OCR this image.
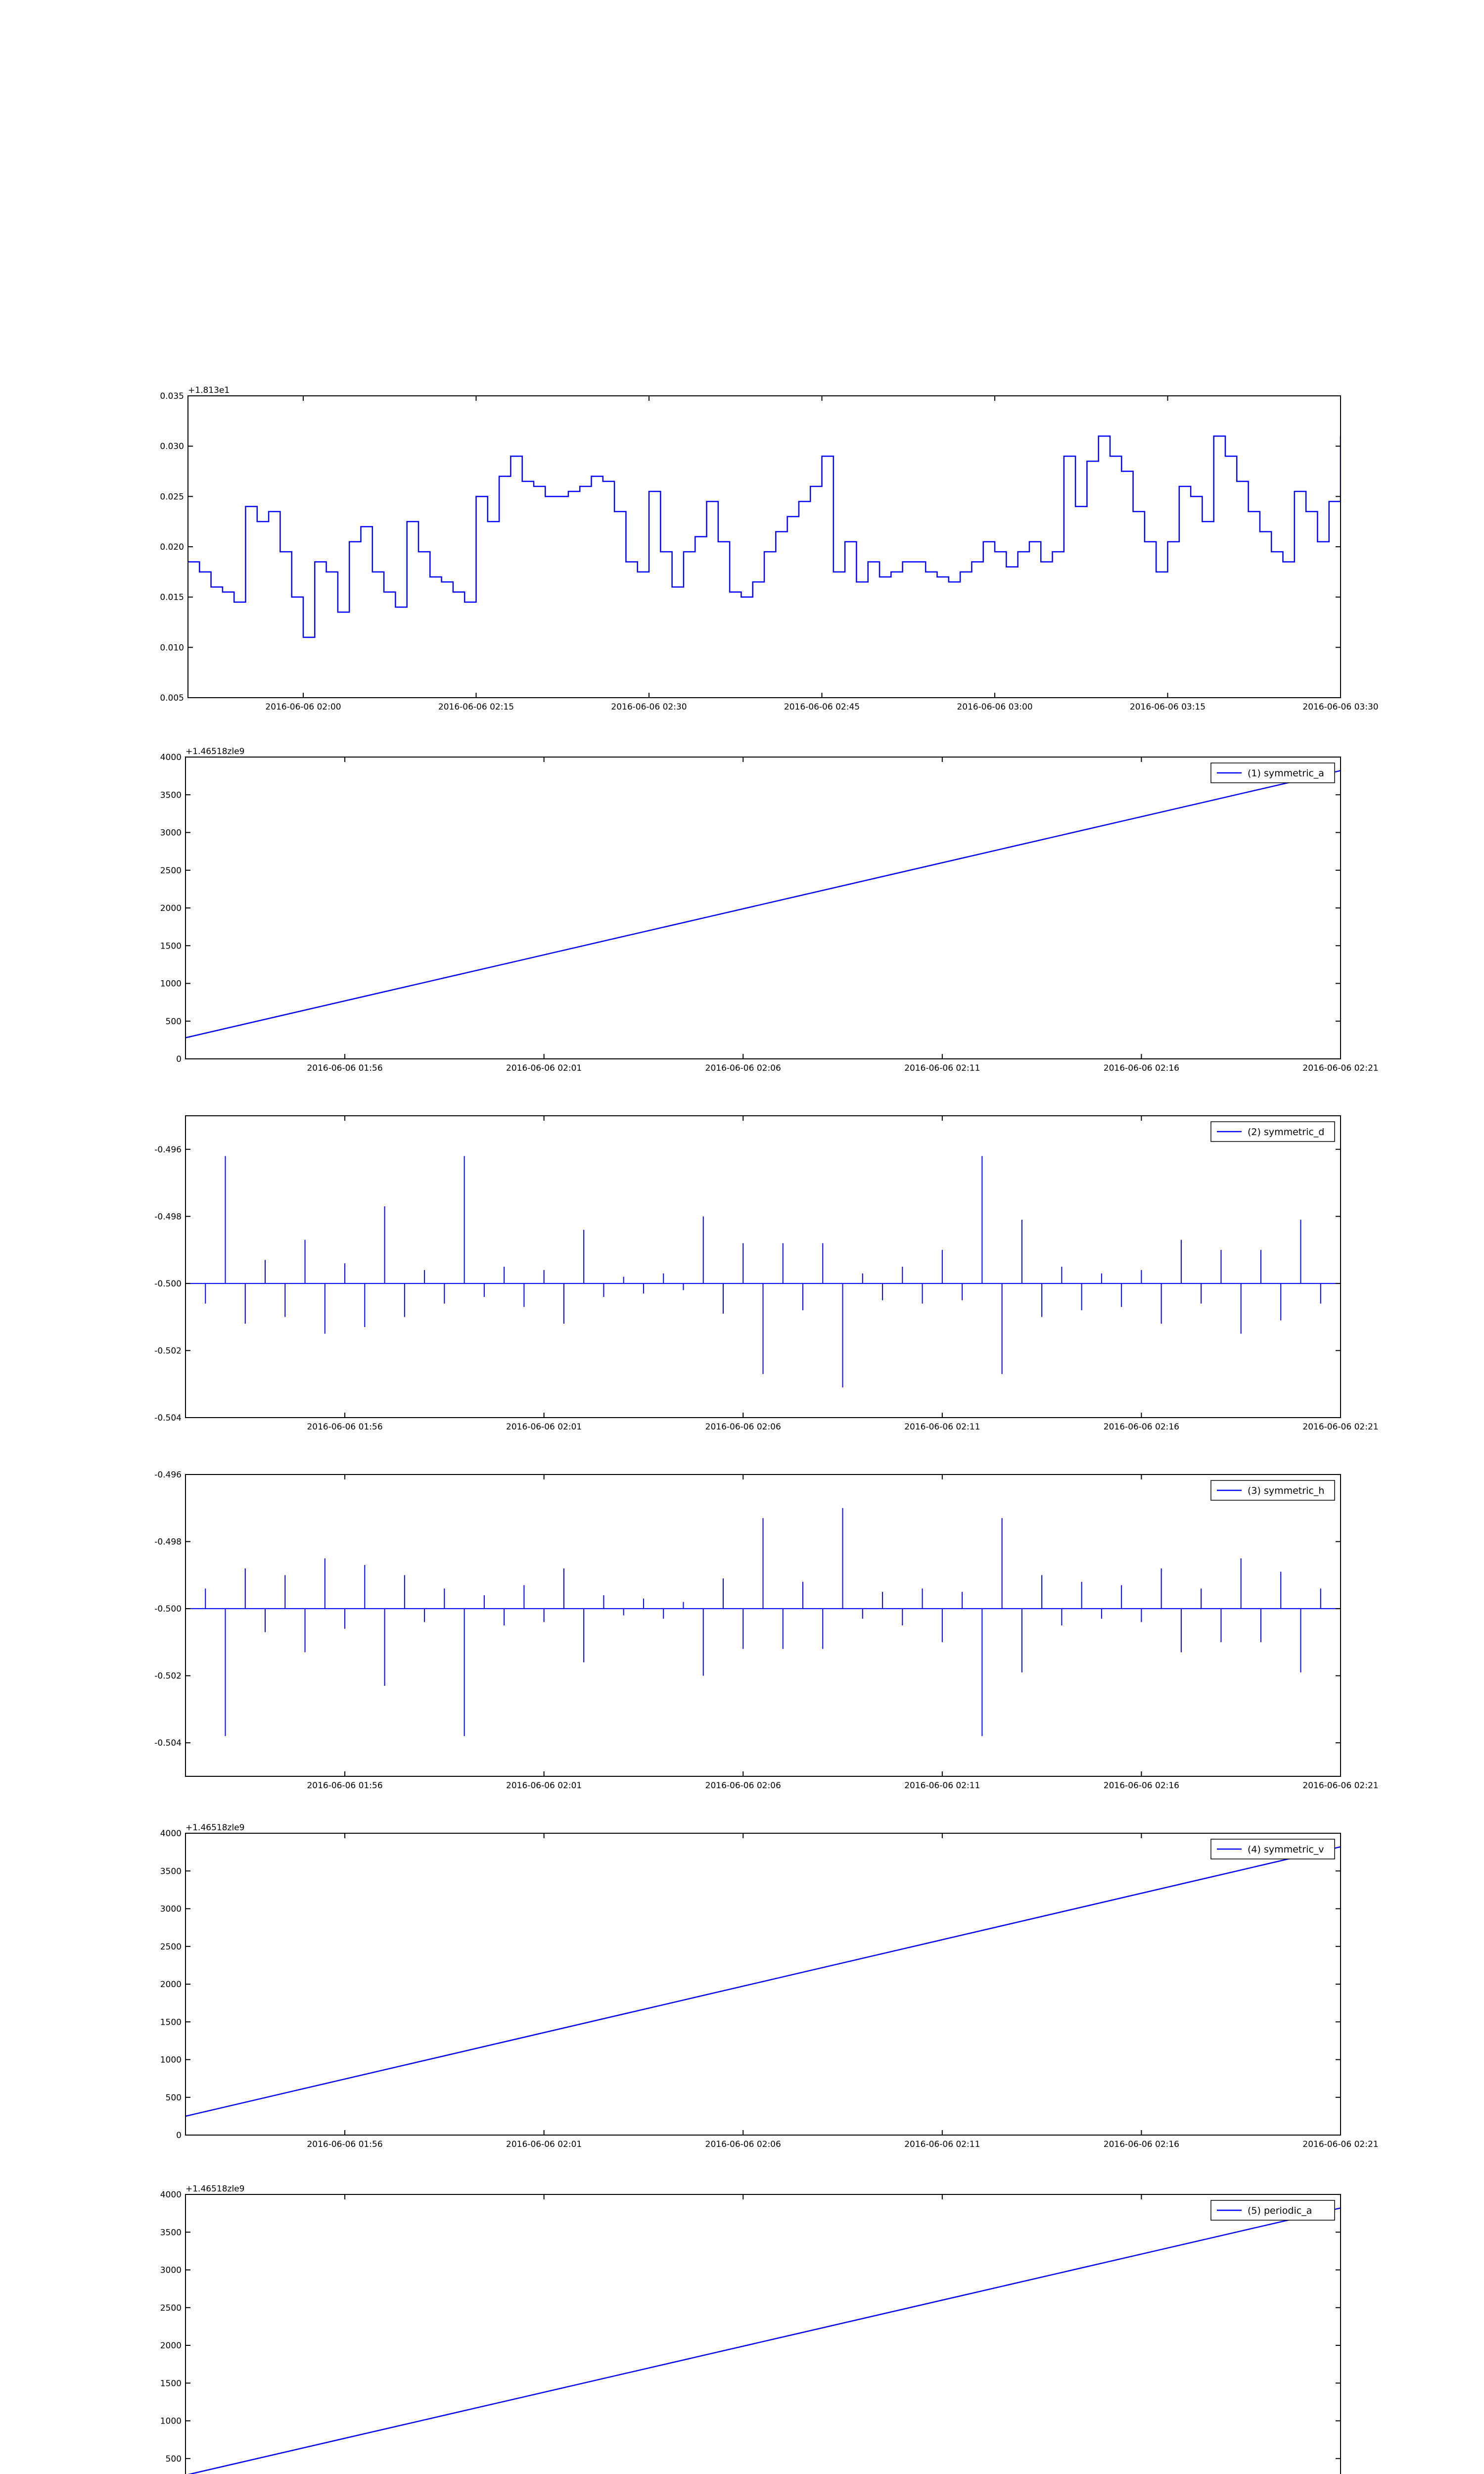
0.005
0.010
0.015
0.020
0.025
0.030
0.035
2016-06-06 02:00	2016-06-06 02:15	2016-06-06 02:30	2016-06-06 02:45	2016-06-06 03:00	2016-06-06 03:15	2016-06-06 03:30
+1.813e1
0
500
1000
1500
2000
2500
3000
3500
4000
2016-06-06 01:56	2016-06-06 02:01	2016-06-06 02:06	2016-06-06 02:11	2016-06-06 02:16	2016-06-06 02:21
+1.46518zle9
(1) symmetric_a
-0.504
-0.502
-0.500
-0.498
-0.496
2016-06-06 01:56	2016-06-06 02:01	2016-06-06 02:06	2016-06-06 02:11	2016-06-06 02:16	2016-06-06 02:21
(2) symmetric_d
-0.504
-0.502
-0.500
-0.498
-0.496
2016-06-06 01:56	2016-06-06 02:01	2016-06-06 02:06	2016-06-06 02:11	2016-06-06 02:16	2016-06-06 02:21
(3) symmetric_h
0
500
1000
1500
2000
2500
3000
3500
4000
2016-06-06 01:56	2016-06-06 02:01	2016-06-06 02:06	2016-06-06 02:11	2016-06-06 02:16	2016-06-06 02:21
+1.46518zle9
(4) symmetric_v
500
1000
1500
2000
2500
3000
3500
4000
+1.46518zle9
(5) periodic_a
